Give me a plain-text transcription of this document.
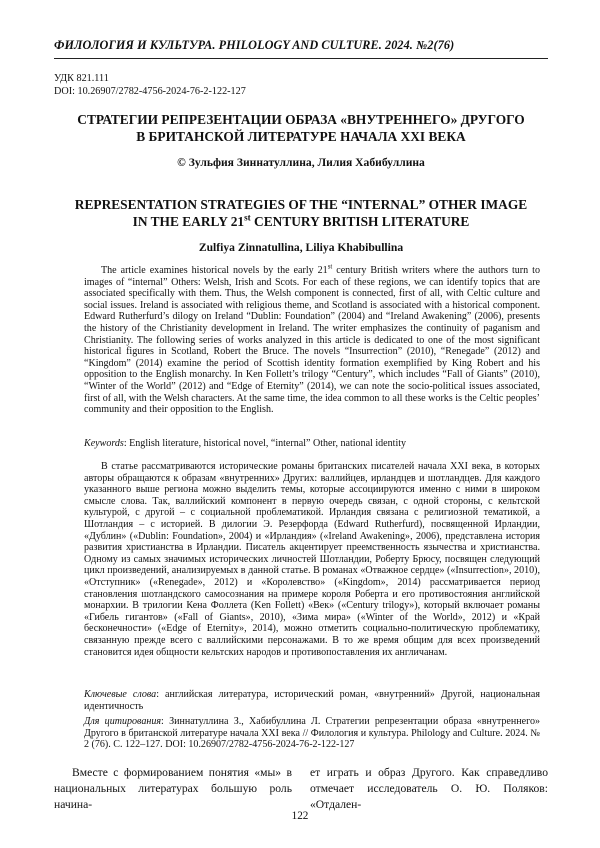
ФИЛОЛОГИЯ И КУЛЬТУРА. PHILOLOGY AND CULTURE. 2024. №2(76)
УДК 821.111
DOI: 10.26907/2782-4756-2024-76-2-122-127
СТРАТЕГИИ РЕПРЕЗЕНТАЦИИ ОБРАЗА «ВНУТРЕННЕГО» ДРУГОГО
В БРИТАНСКОЙ ЛИТЕРАТУРЕ НАЧАЛА XXI ВЕКА
© Зульфия Зиннатуллина, Лилия Хабибуллина
REPRESENTATION STRATEGIES OF THE “INTERNAL” OTHER IMAGE
IN THE EARLY 21st CENTURY BRITISH LITERATURE
Zulfiya Zinnatullina, Liliya Khabibullina
The article examines historical novels by the early 21st century British writers where the authors turn to images of “internal” Others: Welsh, Irish and Scots. For each of these regions, we can identify topics that are associated specifically with them. Thus, the Welsh component is connected, first of all, with Celtic culture and social issues. Ireland is associated with religious theme, and Scotland is associated with a historical component. Edward Rutherfurd’s dilogy on Ireland “Dublin: Foundation” (2004) and “Ireland Awakening” (2006), presents the history of the Christianity development in Ireland. The writer emphasizes the continuity of paganism and Christianity. The following series of works analyzed in this article is dedicated to one of the most significant historical figures in Scotland, Robert the Bruce. The novels “Insurrection” (2010), “Renegade” (2012) and “Kingdom” (2014) examine the period of Scottish identity formation exemplified by King Robert and his opposition to the English monarchy. In Ken Follett’s trilogy “Century”, which includes “Fall of Giants” (2010), “Winter of the World” (2012) and “Edge of Eternity” (2014), we can note the socio-political issues associated, first of all, with the Welsh characters. At the same time, the idea common to all these works is the Celtic peoples’ community and their opposition to the English.
Keywords: English literature, historical novel, “internal” Other, national identity
В статье рассматриваются исторические романы британских писателей начала XXI века, в которых авторы обращаются к образам «внутренних» Других: валлийцев, ирландцев и шотландцев. Для каждого указанного выше региона можно выделить темы, которые ассоциируются именно с ними в широком смысле слова. Так, валлийский компонент в первую очередь связан, с одной стороны, с кельтской культурой, с другой – с социальной проблематикой. Ирландия связана с религиозной тематикой, а Шотландия – с историей. В дилогии Э. Резерфорда (Edward Rutherfurd), посвященной Ирландии, «Дублин» («Dublin: Foundation», 2004) и «Ирландия» («Ireland Awakening», 2006), представлена история развития христианства в Ирландии. Писатель акцентирует преемственность язычества и христианства. Одному из самых значимых исторических личностей Шотландии, Роберту Брюсу, посвящен следующий цикл произведений, анализируемых в данной статье. В романах «Отважное сердце» («Insurrection», 2010), «Отступник» («Renegade», 2012) и «Королевство» («Kingdom», 2014) рассматривается период становления шотландского самосознания на примере короля Роберта и его противостояния английской монархии. В трилогии Кена Фоллета (Ken Follett) «Век» («Century trilogy»), который включает романы «Гибель гигантов» («Fall of Giants», 2010), «Зима мира» («Winter of the World», 2012) и «Край бесконечности» («Edge of Eternity», 2014), можно отметить социально-политическую проблематику, связанную прежде всего с валлийскими персонажами. В то же время общим для всех произведений становится идея общности кельтских народов и противопоставления их англичанам.
Ключевые слова: английская литература, исторический роман, «внутренний» Другой, национальная идентичность
Для цитирования: Зиннатуллина З., Хабибуллина Л. Стратегии репрезентации образа «внутреннего» Другого в британской литературе начала XXI века // Филология и культура. Philology and Culture. 2024. № 2 (76). С. 122–127. DOI: 10.26907/2782-4756-2024-76-2-122-127
Вместе с формированием понятия «мы» в национальных литературах большую роль начина-
ет играть и образ Другого. Как справедливо отмечает исследователь О. Ю. Поляков: «Отдален-
122
